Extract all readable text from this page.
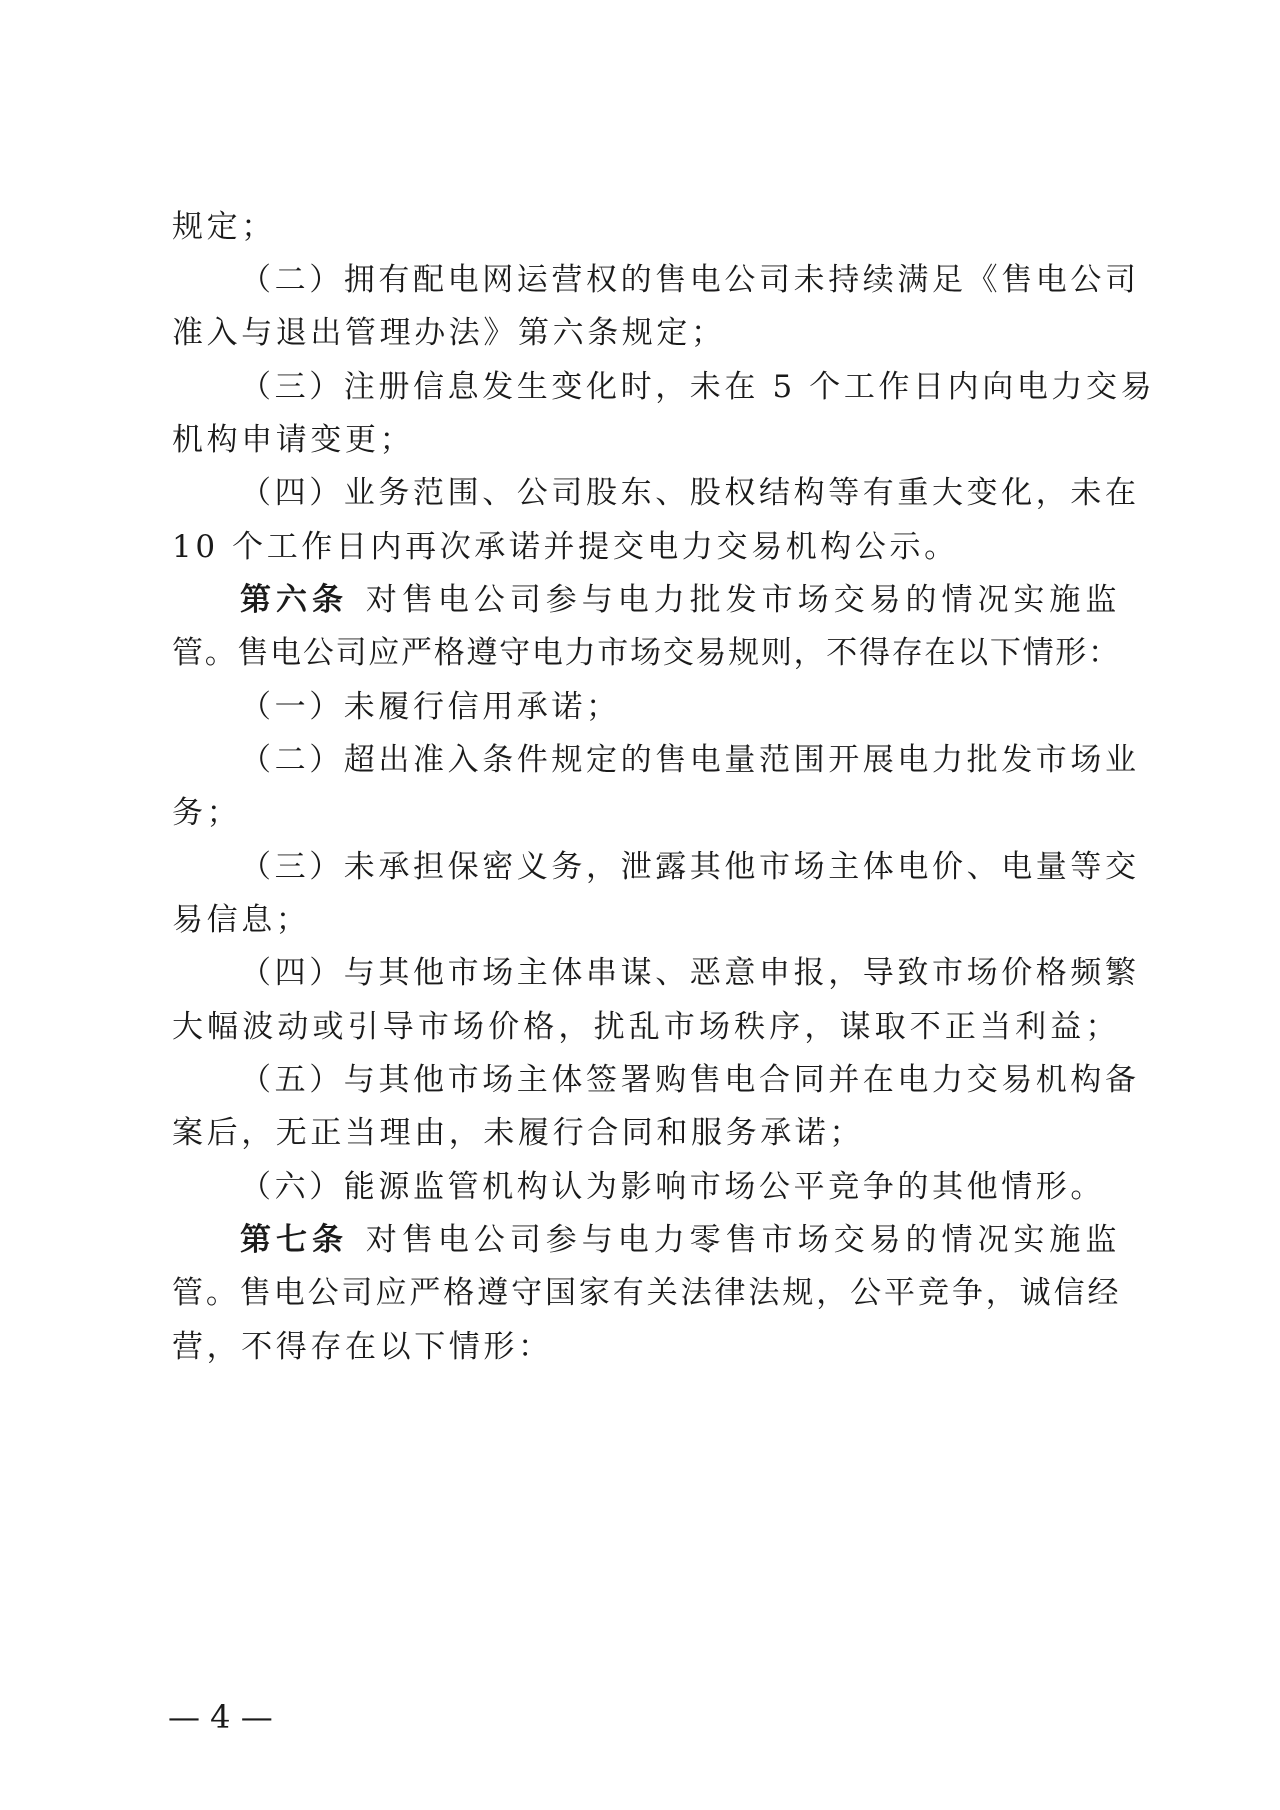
规定；
（二）拥有配电网运营权的售电公司未持续满足《售电公司
准入与退出管理办法》第六条规定；
（三）注册信息发生变化时，未在 5 个工作日内向电力交易
机构申请变更；
（四）业务范围、公司股东、股权结构等有重大变化，未在
10 个工作日内再次承诺并提交电力交易机构公示。
第六条 对售电公司参与电力批发市场交易的情况实施监
管。售电公司应严格遵守电力市场交易规则，不得存在以下情形：
（一）未履行信用承诺；
（二）超出准入条件规定的售电量范围开展电力批发市场业
务；
（三）未承担保密义务，泄露其他市场主体电价、电量等交
易信息；
（四）与其他市场主体串谋、恶意申报，导致市场价格频繁
大幅波动或引导市场价格，扰乱市场秩序，谋取不正当利益；
（五）与其他市场主体签署购售电合同并在电力交易机构备
案后，无正当理由，未履行合同和服务承诺；
（六）能源监管机构认为影响市场公平竞争的其他情形。
第七条 对售电公司参与电力零售市场交易的情况实施监
管。售电公司应严格遵守国家有关法律法规，公平竞争，诚信经
营，不得存在以下情形：
— 4 —
